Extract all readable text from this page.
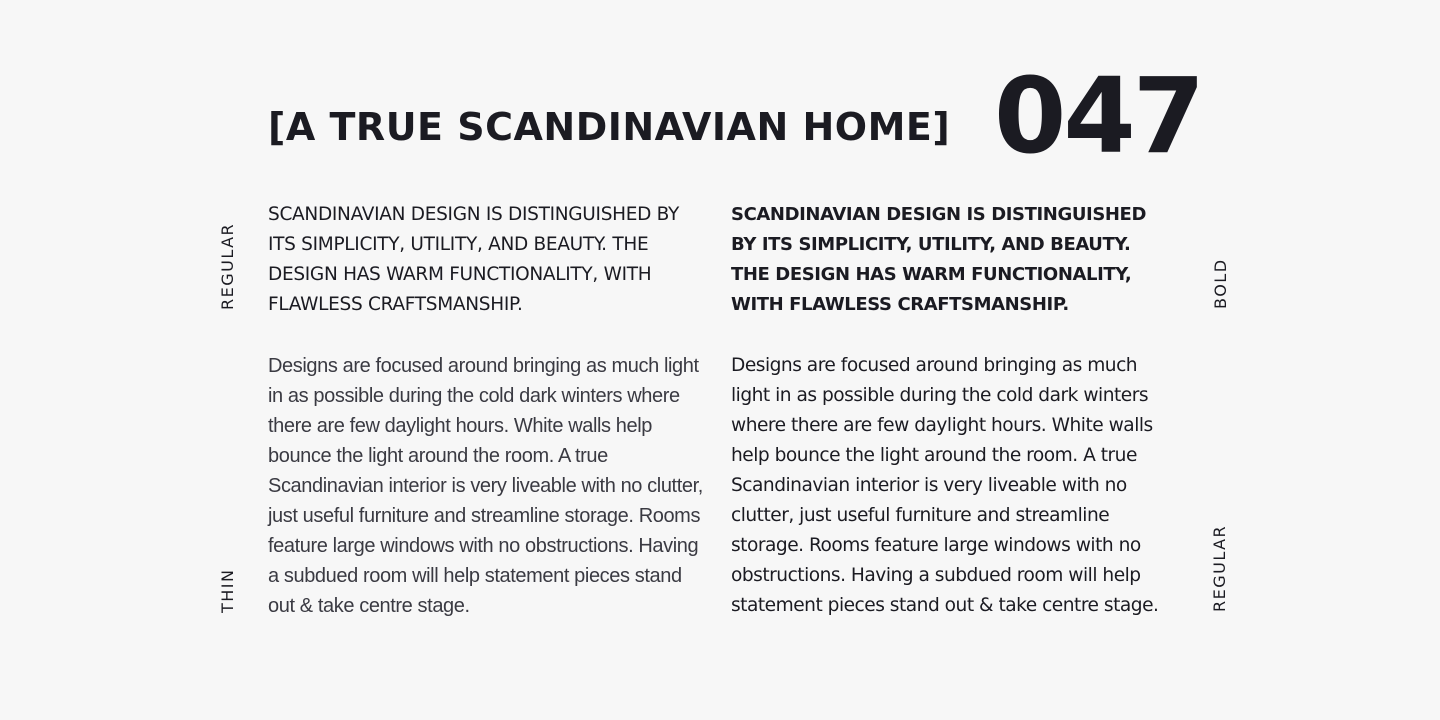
[A TRUE SCANDINAVIAN HOME] 047
REGULAR
THIN
BOLD
REGULAR

SCANDINAVIAN DESIGN IS DISTINGUISHED BY ITS SIMPLICITY, UTILITY, AND BEAUTY. THE DESIGN HAS WARM FUNCTIONALITY, WITH FLAWLESS CRAFTSMANSHIP.

Designs are focused around bringing as much light in as possible during the cold dark winters where there are few daylight hours. White walls help bounce the light around the room. A true Scandinavian interior is very liveable with no clutter, just useful furniture and streamline storage. Rooms feature large windows with no obstructions. Having a subdued room will help statement pieces stand out & take centre stage.

SCANDINAVIAN DESIGN IS DISTINGUISHED BY ITS SIMPLICITY, UTILITY, AND BEAUTY. THE DESIGN HAS WARM FUNCTIONALITY, WITH FLAWLESS CRAFTSMANSHIP.

Designs are focused around bringing as much light in as possible during the cold dark winters where there are few daylight hours. White walls help bounce the light around the room. A true Scandinavian interior is very liveable with no clutter, just useful furniture and streamline storage. Rooms feature large windows with no obstructions. Having a subdued room will help statement pieces stand out & take centre stage.
